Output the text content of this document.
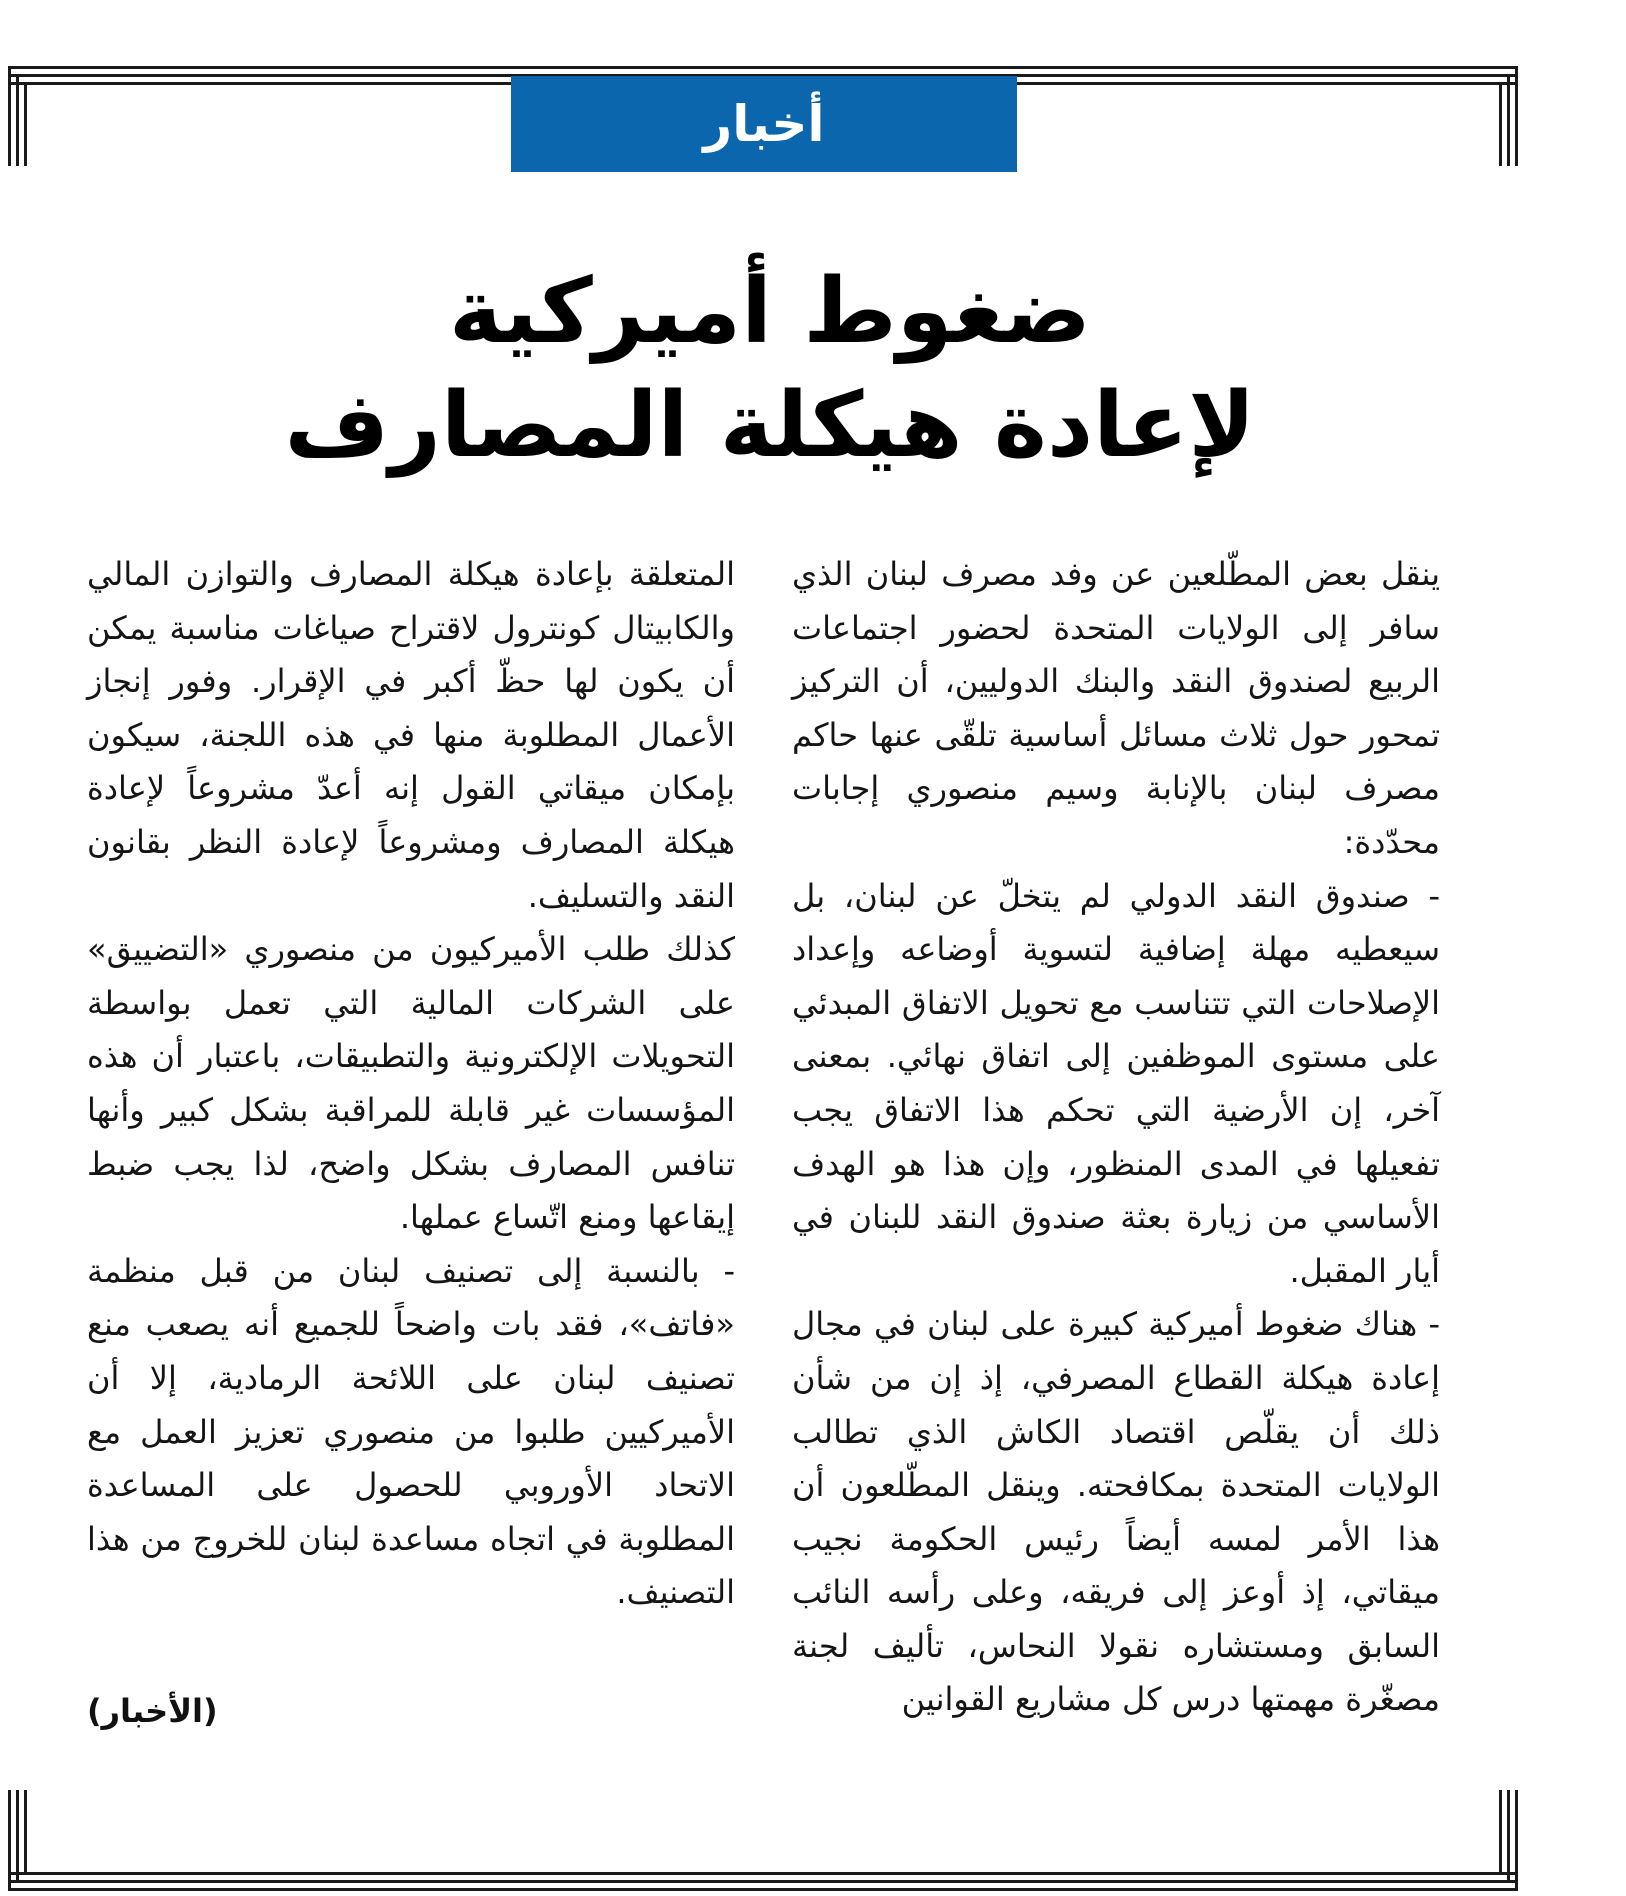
أخبار
ضغوط أميركية
لإعادة هيكلة المصارف

ينقل بعض المطّلعين عن وفد مصرف لبنان الذي سافر إلى الولايات المتحدة لحضور اجتماعات الربيع لصندوق النقد والبنك الدوليين، أن التركيز تمحور حول ثلاث مسائل أساسية تلقّى عنها حاكم مصرف لبنان بالإنابة وسيم منصوري إجابات محدّدة:

- صندوق النقد الدولي لم يتخلّ عن لبنان، بل سيعطيه مهلة إضافية لتسوية أوضاعه وإعداد الإصلاحات التي تتناسب مع تحويل الاتفاق المبدئي على مستوى الموظفين إلى اتفاق نهائي. بمعنى آخر، إن الأرضية التي تحكم هذا الاتفاق يجب تفعيلها في المدى المنظور، وإن هذا هو الهدف الأساسي من زيارة بعثة صندوق النقد للبنان في أيار المقبل.

- هناك ضغوط أميركية كبيرة على لبنان في مجال إعادة هيكلة القطاع المصرفي، إذ إن من شأن ذلك أن يقلّص اقتصاد الكاش الذي تطالب الولايات المتحدة بمكافحته. وينقل المطّلعون أن هذا الأمر لمسه أيضاً رئيس الحكومة نجيب ميقاتي، إذ أوعز إلى فريقه، وعلى رأسه النائب السابق ومستشاره نقولا النحاس، تأليف لجنة مصغّرة مهمتها درس كل مشاريع القوانين

المتعلقة بإعادة هيكلة المصارف والتوازن المالي والكابيتال كونترول لاقتراح صياغات مناسبة يمكن أن يكون لها حظّ أكبر في الإقرار. وفور إنجاز الأعمال المطلوبة منها في هذه اللجنة، سيكون بإمكان ميقاتي القول إنه أعدّ مشروعاً لإعادة هيكلة المصارف ومشروعاً لإعادة النظر بقانون النقد والتسليف.

كذلك طلب الأميركيون من منصوري «التضييق» على الشركات المالية التي تعمل بواسطة التحويلات الإلكترونية والتطبيقات، باعتبار أن هذه المؤسسات غير قابلة للمراقبة بشكل كبير وأنها تنافس المصارف بشكل واضح، لذا يجب ضبط إيقاعها ومنع اتّساع عملها.

- بالنسبة إلى تصنيف لبنان من قبل منظمة «فاتف»، فقد بات واضحاً للجميع أنه يصعب منع تصنيف لبنان على اللائحة الرمادية، إلا أن الأميركيين طلبوا من منصوري تعزيز العمل مع الاتحاد الأوروبي للحصول على المساعدة المطلوبة في اتجاه مساعدة لبنان للخروج من هذا التصنيف.

(الأخبار)
